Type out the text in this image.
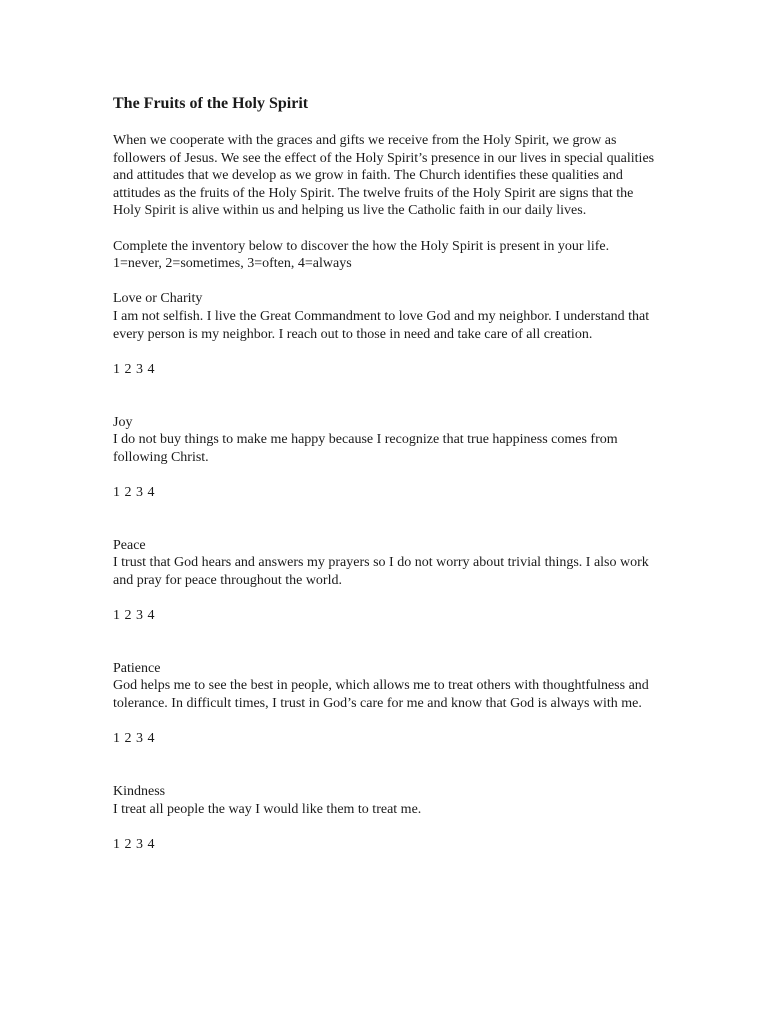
The Fruits of the Holy Spirit

When we cooperate with the graces and gifts we receive from the Holy Spirit, we grow as followers of Jesus. We see the effect of the Holy Spirit’s presence in our lives in special qualities and attitudes that we develop as we grow in faith. The Church identifies these qualities and attitudes as the fruits of the Holy Spirit. The twelve fruits of the Holy Spirit are signs that the Holy Spirit is alive within us and helping us live the Catholic faith in our daily lives.

Complete the inventory below to discover the how the Holy Spirit is present in your life.
1=never, 2=sometimes, 3=often, 4=always
Love or Charity

I am not selfish. I live the Great Commandment to love God and my neighbor. I understand that every person is my neighbor. I reach out to those in need and take care of all creation.

1 2 3 4

Joy

I do not buy things to make me happy because I recognize that true happiness comes from following Christ.

1 2 3 4

Peace

I trust that God hears and answers my prayers so I do not worry about trivial things. I also work and pray for peace throughout the world.

1 2 3 4

Patience

God helps me to see the best in people, which allows me to treat others with thoughtfulness and tolerance. In difficult times, I trust in God’s care for me and know that God is always with me.

1 2 3 4

Kindness

I treat all people the way I would like them to treat me.

1 2 3 4
